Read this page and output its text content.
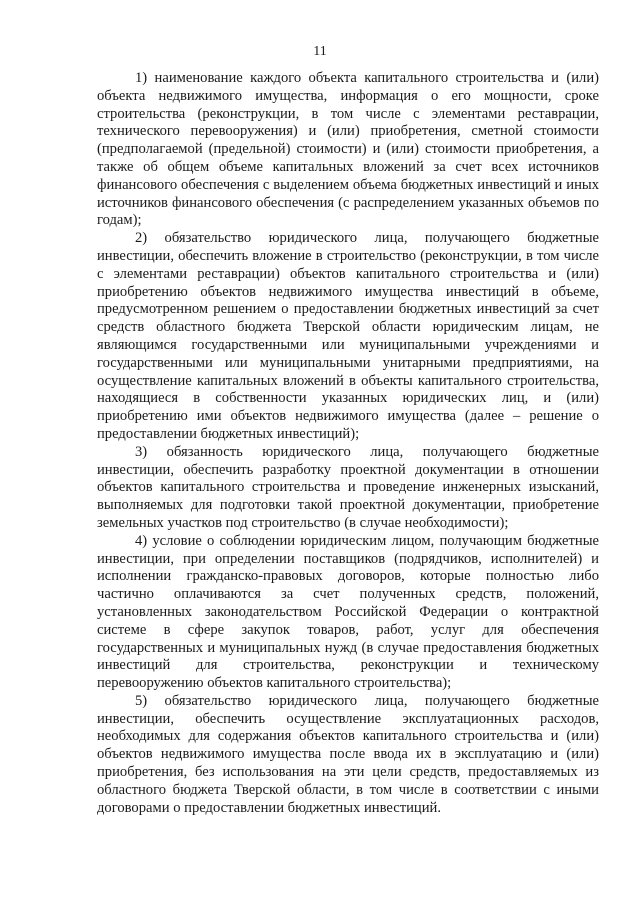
11

1) наименование каждого объекта капитального строительства и (или) объекта недвижимого имущества, информация о его мощности, сроке строительства (реконструкции, в том числе с элементами реставрации, технического перевооружения) и (или) приобретения, сметной стоимости (предполагаемой (предельной) стоимости) и (или) стоимости приобретения, а также об общем объеме капитальных вложений за счет всех источников финансового обеспечения с выделением объема бюджетных инвестиций и иных источников финансового обеспечения (с распределением указанных объемов по годам);

2) обязательство юридического лица, получающего бюджетные инвестиции, обеспечить вложение в строительство (реконструкции, в том числе с элементами реставрации) объектов капитального строительства и (или) приобретению объектов недвижимого имущества инвестиций в объеме, предусмотренном решением о предоставлении бюджетных инвестиций за счет средств областного бюджета Тверской области юридическим лицам, не являющимся государственными или муниципальными учреждениями и государственными или муниципальными унитарными предприятиями, на осуществление капитальных вложений в объекты капитального строительства, находящиеся в собственности указанных юридических лиц, и (или) приобретению ими объектов недвижимого имущества (далее – решение о предоставлении бюджетных инвестиций);

3) обязанность юридического лица, получающего бюджетные инвестиции, обеспечить разработку проектной документации в отношении объектов капитального строительства и проведение инженерных изысканий, выполняемых для подготовки такой проектной документации, приобретение земельных участков под строительство (в случае необходимости);

4) условие о соблюдении юридическим лицом, получающим бюджетные инвестиции, при определении поставщиков (подрядчиков, исполнителей) и исполнении гражданско-правовых договоров, которые полностью либо частично оплачиваются за счет полученных средств, положений, установленных законодательством Российской Федерации о контрактной системе в сфере закупок товаров, работ, услуг для обеспечения государственных и муниципальных нужд (в случае предоставления бюджетных инвестиций для строительства, реконструкции и техническому перевооружению объектов капитального строительства);

5) обязательство юридического лица, получающего бюджетные инвестиции, обеспечить осуществление эксплуатационных расходов, необходимых для содержания объектов капитального строительства и (или) объектов недвижимого имущества после ввода их в эксплуатацию и (или) приобретения, без использования на эти цели средств, предоставляемых из областного бюджета Тверской области, в том числе в соответствии с иными договорами о предоставлении бюджетных инвестиций.
